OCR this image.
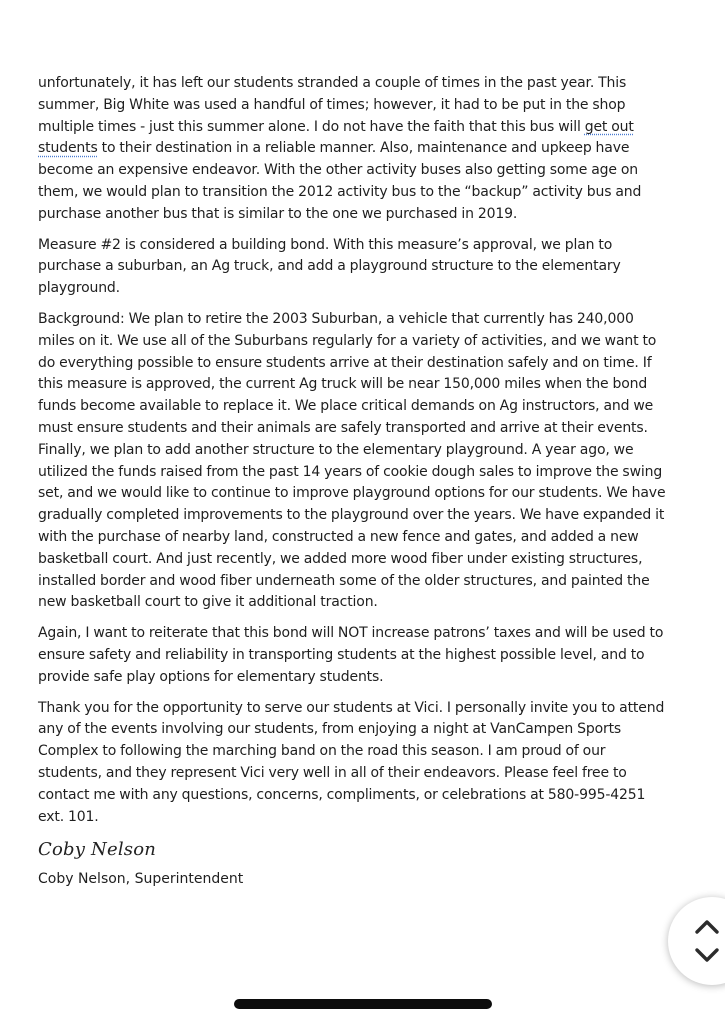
unfortunately, it has left our students stranded a couple of times in the past year. This summer, Big White was used a handful of times; however, it had to be put in the shop multiple times - just this summer alone. I do not have the faith that this bus will get out students to their destination in a reliable manner. Also, maintenance and upkeep have become an expensive endeavor. With the other activity buses also getting some age on them, we would plan to transition the 2012 activity bus to the “backup” activity bus and purchase another bus that is similar to the one we purchased in 2019.

Measure #2 is considered a building bond. With this measure’s approval, we plan to purchase a suburban, an Ag truck, and add a playground structure to the elementary playground.

Background: We plan to retire the 2003 Suburban, a vehicle that currently has 240,000 miles on it. We use all of the Suburbans regularly for a variety of activities, and we want to do everything possible to ensure students arrive at their destination safely and on time. If this measure is approved, the current Ag truck will be near 150,000 miles when the bond funds become available to replace it. We place critical demands on Ag instructors, and we must ensure students and their animals are safely transported and arrive at their events. Finally, we plan to add another structure to the elementary playground. A year ago, we utilized the funds raised from the past 14 years of cookie dough sales to improve the swing set, and we would like to continue to improve playground options for our students. We have gradually completed improvements to the playground over the years. We have expanded it with the purchase of nearby land, constructed a new fence and gates, and added a new basketball court. And just recently, we added more wood fiber under existing structures, installed border and wood fiber underneath some of the older structures, and painted the new basketball court to give it additional traction.

Again, I want to reiterate that this bond will NOT increase patrons’ taxes and will be used to ensure safety and reliability in transporting students at the highest possible level, and to provide safe play options for elementary students.

Thank you for the opportunity to serve our students at Vici. I personally invite you to attend any of the events involving our students, from enjoying a night at VanCampen Sports Complex to following the marching band on the road this season. I am proud of our students, and they represent Vici very well in all of their endeavors. Please feel free to contact me with any questions, concerns, compliments, or celebrations at 580-995-4251 ext. 101.

Coby Nelson

Coby Nelson, Superintendent
